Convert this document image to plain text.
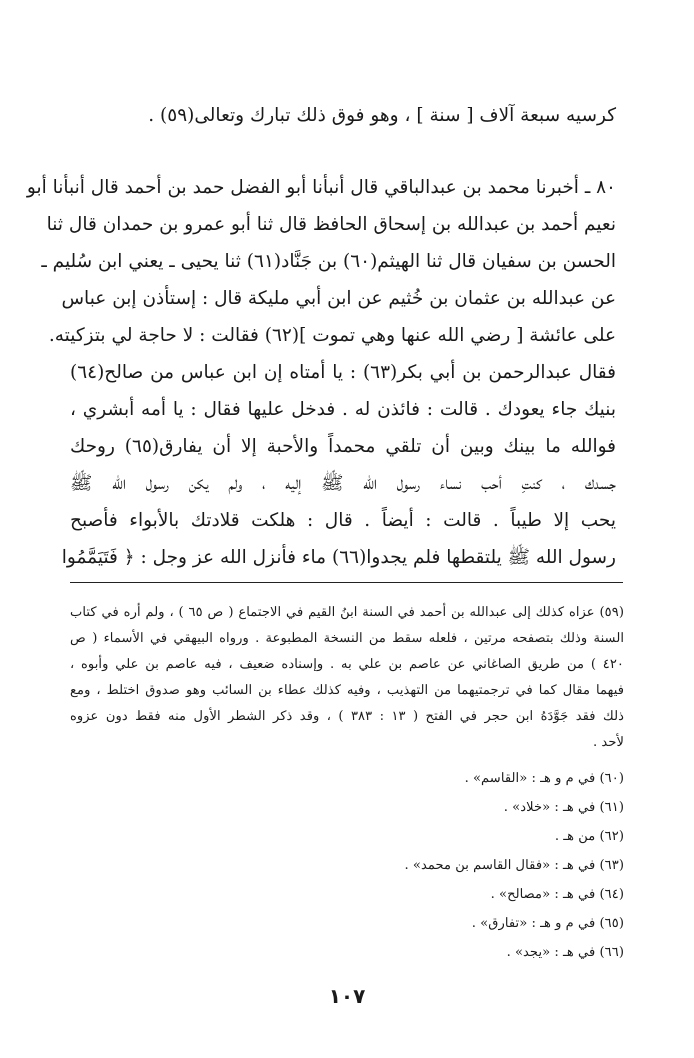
كرسيه سبعة آلاف [ سنة ] ، وهو فوق ذلك تبارك وتعالى(٥٩) .
٨٠ ـ أخبرنا محمد بن عبدالباقي قال أنبأنا أبو الفضل حمد بن أحمد قال أنبأنا أبو
نعيم أحمد بن عبدالله بن إسحاق الحافظ قال ثنا أبو عمرو بن حمدان قال ثنا
الحسن بن سفيان قال ثنا الهيثم(٦٠) بن جَنَّاد(٦١) ثنا يحيى ـ يعني ابن سُليم ـ
عن عبدالله بن عثمان بن خُثيم عن ابن أبي مليكة قال : إستأذن إبن عباس
على عائشة [ رضي الله عنها وهي تموت ](٦٢) فقالت : لا حاجة لي بتزكيته.
فقال عبدالرحمن بن أبي بكر(٦٣) : يا أمتاه إن ابن عباس من صالح(٦٤)
بنيك جاء يعودك . قالت : فائذن له . فدخل عليها فقال : يا أمه أبشري ،
فوالله ما بينك وبين أن تلقي محمداً والأحبة إلا أن يفارق(٦٥) روحك
جسدك ، كنتِ أحب نساء رسول الله ﷺ إليه ، ولم يكن رسول الله ﷺ
يحب إلا طيباً . قالت : أيضاً . قال : هلكت قلادتك بالأبواء فأصبح
رسول الله ﷺ يلتقطها فلم يجدوا(٦٦) ماء فأنزل الله عز وجل : ﴿ فَتَيَمَّمُوا
(٥٩) عزاه كذلك إلى عبدالله بن أحمد في السنة ابنُ القيم في الاجتماع ( ص ٦٥ ) ، ولم أره في كتاب
السنة وذلك بتصفحه مرتين ، فلعله سقط من النسخة المطبوعة . ورواه البيهقي في الأسماء ( ص
٤٢٠ ) من طريق الصاغاني عن عاصم بن علي به . وإسناده ضعيف ، فيه عاصم بن علي وأبوه ،
فيهما مقال كما في ترجمتيهما من التهذيب ، وفيه كذلك عطاء بن السائب وهو صدوق اختلط ، ومع
ذلك فقد جَوَّدَهُ ابن حجر في الفتح ( ١٣ : ٣٨٣ ) ، وقد ذكر الشطر الأول منه فقط دون عزوه
لأحد .
(٦٠) في م و هـ : «القاسم» .
(٦١) في هـ : «خلاد» .
(٦٢) من هـ .
(٦٣) في هـ : «فقال القاسم بن محمد» .
(٦٤) في هـ : «مصالح» .
(٦٥) في م و هـ : «تفارق» .
(٦٦) في هـ : «يجد» .
١٠٧
